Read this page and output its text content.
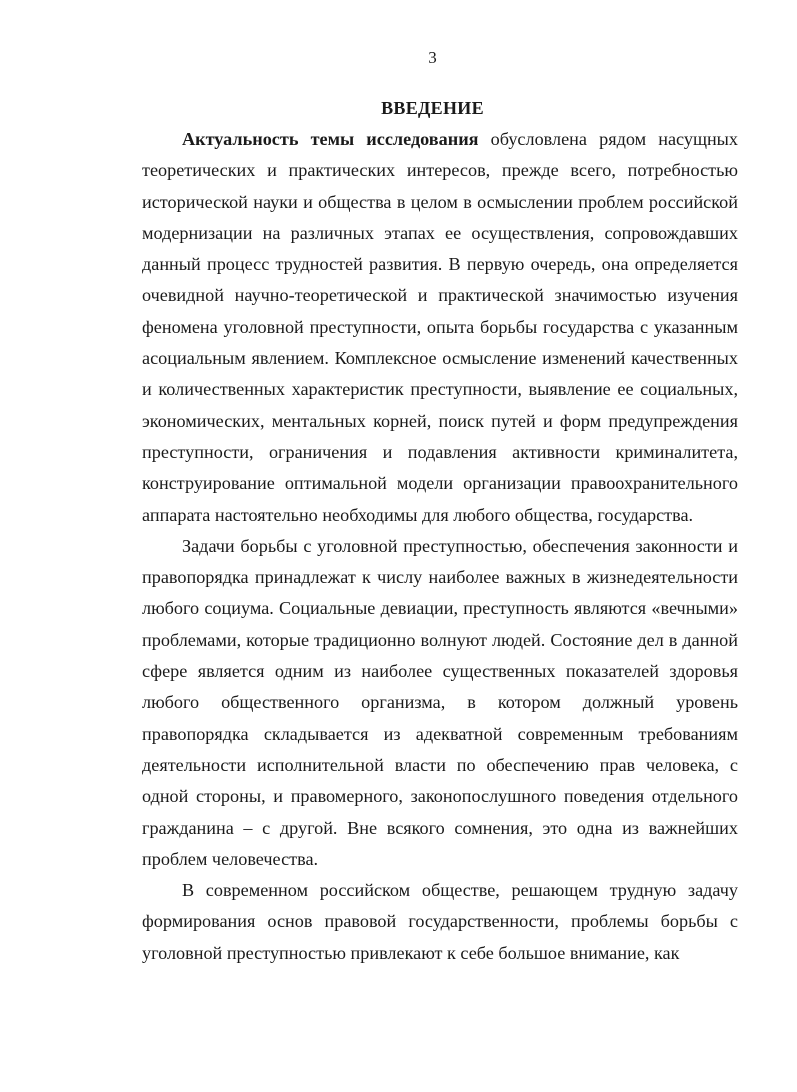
3
ВВЕДЕНИЕ

Актуальность темы исследования обусловлена рядом насущных теоретических и практических интересов, прежде всего, потребностью исторической науки и общества в целом в осмыслении проблем российской модернизации на различных этапах ее осуществления, сопровождавших данный процесс трудностей развития. В первую очередь, она определяется очевидной научно-теоретической и практической значимостью изучения феномена уголовной преступности, опыта борьбы государства с указанным асоциальным явлением. Комплексное осмысление изменений качественных и количественных характеристик преступности, выявление ее социальных, экономических, ментальных корней, поиск путей и форм предупреждения преступности, ограничения и подавления активности криминалитета, конструирование оптимальной модели организации правоохранительного аппарата настоятельно необходимы для любого общества, государства.

Задачи борьбы с уголовной преступностью, обеспечения законности и правопорядка принадлежат к числу наиболее важных в жизнедеятельности любого социума. Социальные девиации, преступность являются «вечными» проблемами, которые традиционно волнуют людей. Состояние дел в данной сфере является одним из наиболее существенных показателей здоровья любого общественного организма, в котором должный уровень правопорядка складывается из адекватной современным требованиям деятельности исполнительной власти по обеспечению прав человека, с одной стороны, и правомерного, законопослушного поведения отдельного гражданина – с другой. Вне всякого сомнения, это одна из важнейших проблем человечества.

В современном российском обществе, решающем трудную задачу формирования основ правовой государственности, проблемы борьбы с уголовной преступностью привлекают к себе большое внимание, как
